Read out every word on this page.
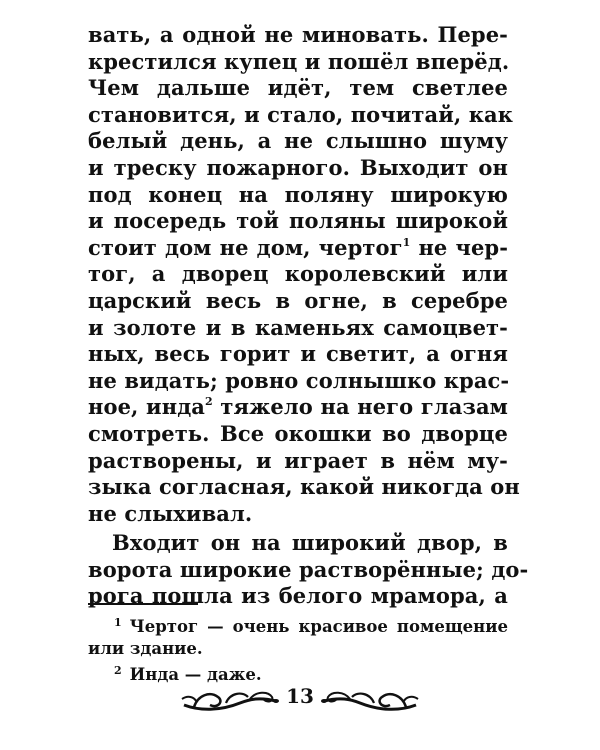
вать, а одной не миновать. Пере-
крестился купец и пошёл вперёд.
Чем дальше идёт, тем светлее
становится, и стало, почитай, как
белый день, а не слышно шуму
и треску пожарного. Выходит он
под конец на поляну широкую
и посередь той поляны широкой
стоит дом не дом, чертог$^1$ не чер-
тог, а дворец королевский или
царский весь в огне, в серебре
и золоте и в каменьях самоцвет-
ных, весь горит и светит, а огня
не видать; ровно солнышко крас-
ное, инда$^2$ тяжело на него глазам
смотреть. Все окошки во дворце
растворены, и играет в нём му-
зыка согласная, какой никогда он
не слыхивал.
Входит он на широкий двор, в
ворота широкие растворённые; до-
рога пошла из белого мрамора, а

$^1$ Чертог — очень красивое помещение
или здание.
$^2$ Инда — даже.
13
